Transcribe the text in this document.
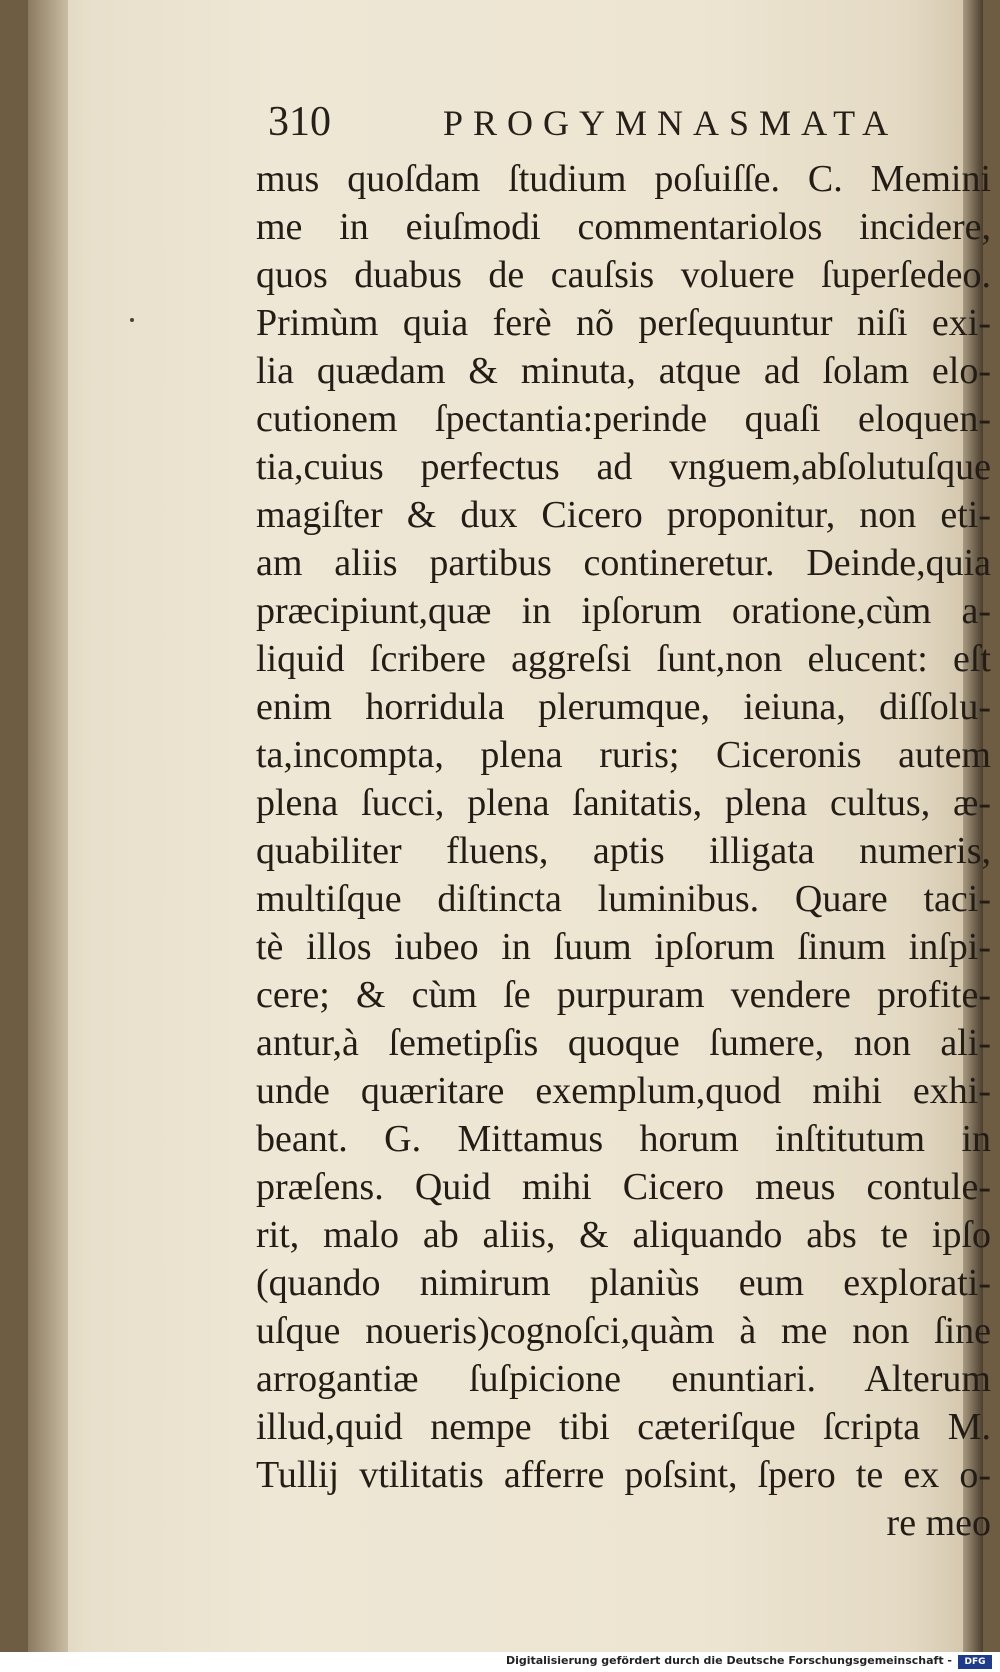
310	PROGYMNASMATA
mus quoſdam ſtudium poſuiſſe. C. Memini
me in eiuſmodi commentariolos incidere,
quos duabus de cauſsis voluere ſuperſedeo.
Primùm quia ferè nõ perſequuntur niſi exi-
lia quædam & minuta, atque ad ſolam elo-
cutionem ſpectantia:perinde quaſi eloquen-
tia,cuius perfectus ad vnguem,abſolutuſque
magiſter & dux Cicero proponitur, non eti-
am aliis partibus contineretur. Deinde,quia
præcipiunt,quæ in ipſorum oratione,cùm a-
liquid ſcribere aggreſsi ſunt,non elucent: eſt
enim horridula plerumque, ieiuna, diſſolu-
ta,incompta, plena ruris; Ciceronis autem
plena ſucci, plena ſanitatis, plena cultus, æ-
quabiliter fluens, aptis illigata numeris,
multiſque diſtincta luminibus. Quare taci-
tè illos iubeo in ſuum ipſorum ſinum inſpi-
cere; & cùm ſe purpuram vendere profite-
antur,à ſemetipſis quoque ſumere, non ali-
unde quæritare exemplum,quod mihi exhi-
beant. G. Mittamus horum inſtitutum in
præſens. Quid mihi Cicero meus contule-
rit, malo ab aliis, & aliquando abs te ipſo
(quando nimirum planiùs eum explorati-
uſque noueris)cognoſci,quàm à me non ſine
arrogantiæ ſuſpicione enuntiari. Alterum
illud,quid nempe tibi cæteriſque ſcripta M.
Tullij vtilitatis afferre poſsint, ſpero te ex o-
re meo
Digitalisierung gefördert durch die Deutsche Forschungsgemeinschaft -	DFG
